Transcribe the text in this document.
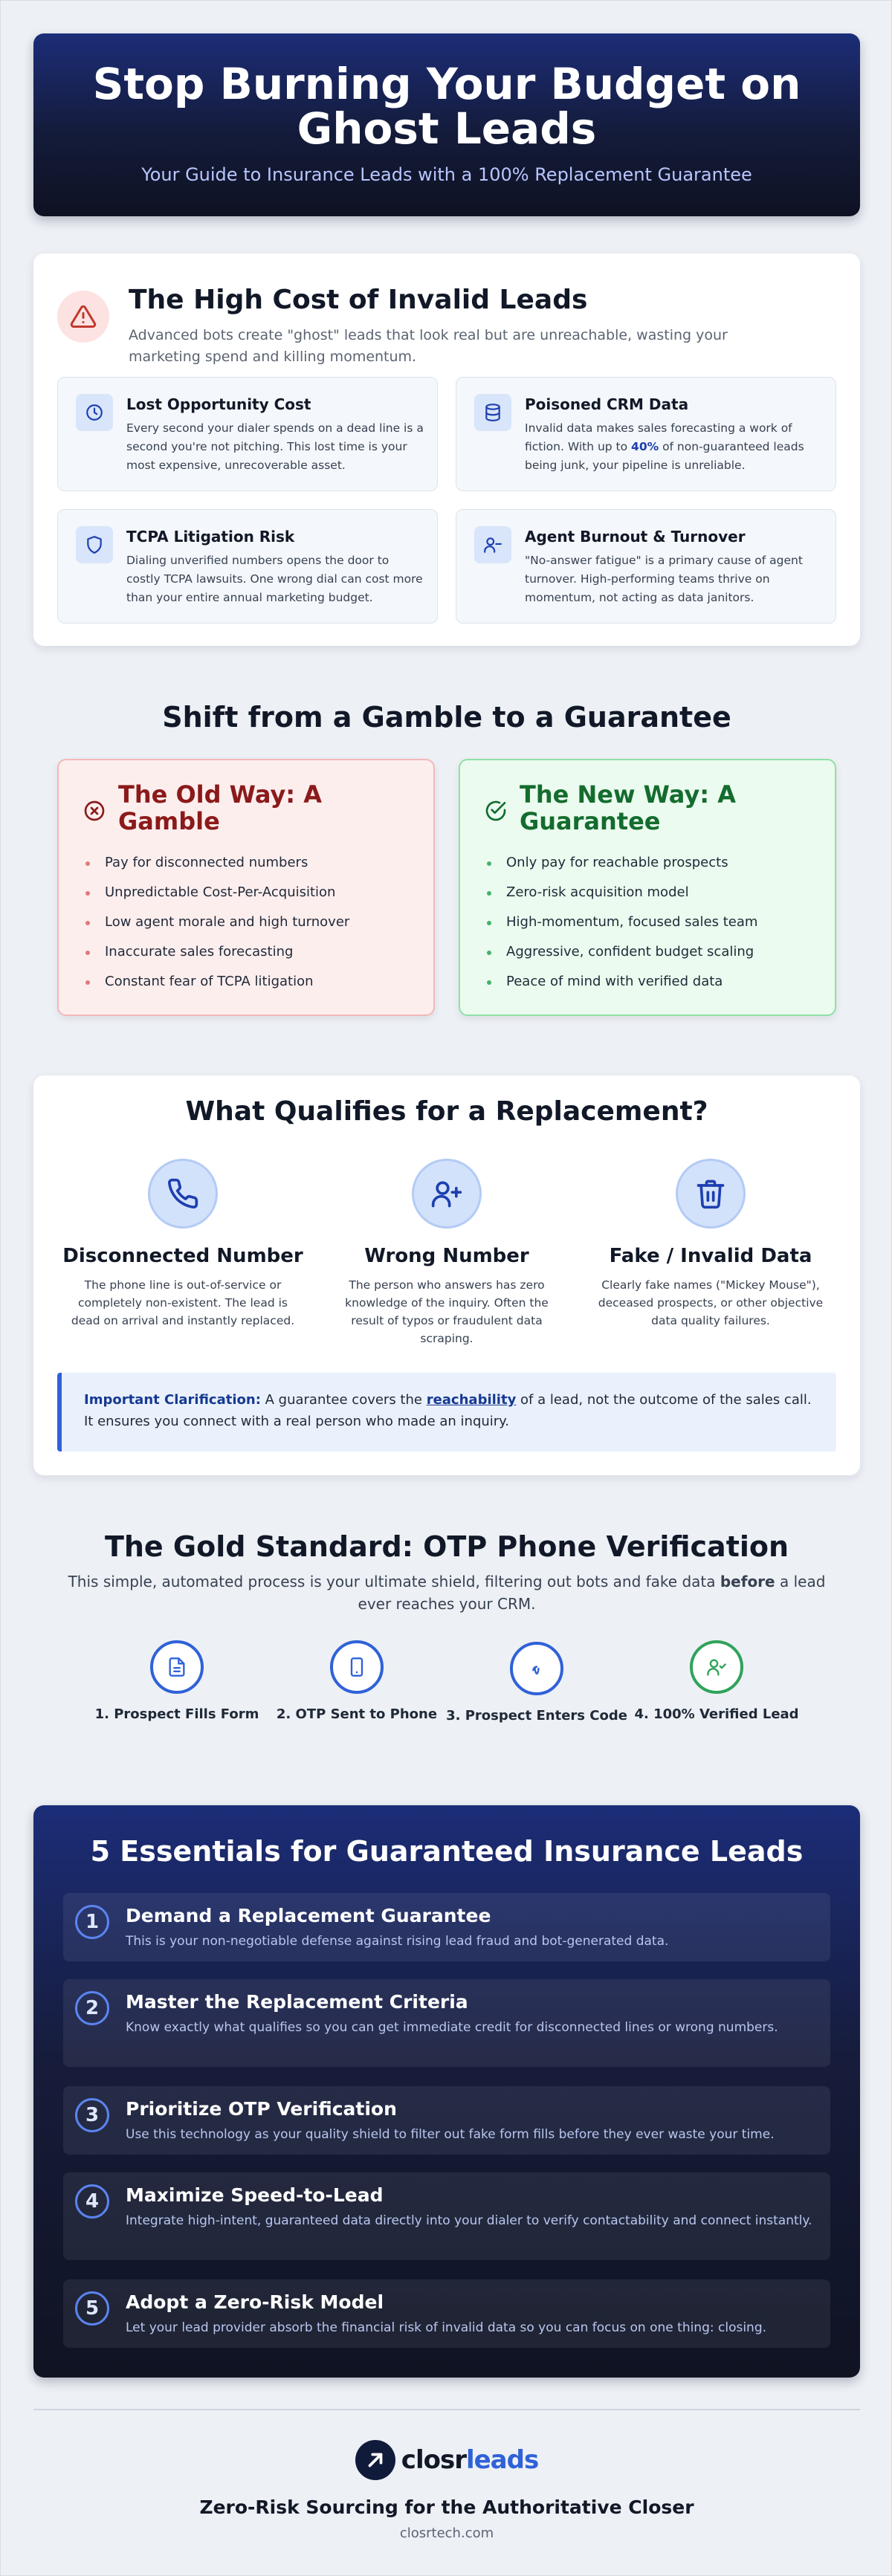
Stop Burning Your Budget on Ghost Leads

Your Guide to Insurance Leads with a 100% Replacement Guarantee

The High Cost of Invalid Leads

Advanced bots create "ghost" leads that look real but are unreachable, wasting your marketing spend and killing momentum.

Lost Opportunity Cost

Every second your dialer spends on a dead line is a second you're not pitching. This lost time is your most expensive, unrecoverable asset.

Poisoned CRM Data

Invalid data makes sales forecasting a work of fiction. With up to 40% of non-guaranteed leads being junk, your pipeline is unreliable.

TCPA Litigation Risk

Dialing unverified numbers opens the door to costly TCPA lawsuits. One wrong dial can cost more than your entire annual marketing budget.

Agent Burnout & Turnover

"No-answer fatigue" is a primary cause of agent turnover. High-performing teams thrive on momentum, not acting as data janitors.

Shift from a Gamble to a Guarantee
The Old Way: A Gamble
Pay for disconnected numbers
Unpredictable Cost-Per-Acquisition
Low agent morale and high turnover
Inaccurate sales forecasting
Constant fear of TCPA litigation
The New Way: A Guarantee
Only pay for reachable prospects
Zero-risk acquisition model
High-momentum, focused sales team
Aggressive, confident budget scaling
Peace of mind with verified data
What Qualifies for a Replacement?
Disconnected Number

The phone line is out-of-service or completely non-existent. The lead is dead on arrival and instantly replaced.

Wrong Number

The person who answers has zero knowledge of the inquiry. Often the result of typos or fraudulent data scraping.

Fake / Invalid Data

Clearly fake names ("Mickey Mouse"), deceased prospects, or other objective data quality failures.

Important Clarification: A guarantee covers the reachability of a lead, not the outcome of the sales call. It ensures you connect with a real person who made an inquiry.
The Gold Standard: OTP Phone Verification
This simple, automated process is your ultimate shield, filtering out bots and fake data before a lead ever reaches your CRM.

1. Prospect Fills Form	2. OTP Sent to Phone 3. Prospect Enters Code 4. 100% Verified Lead

5 Essentials for Guaranteed Insurance Leads
1	Demand a Replacement Guarantee

This is your non-negotiable defense against rising lead fraud and bot-generated data.

2	Master the Replacement Criteria

Know exactly what qualifies so you can get immediate credit for disconnected lines or wrong numbers.

3	Prioritize OTP Verification

Use this technology as your quality shield to filter out fake form fills before they ever waste your time.

4	Maximize Speed-to-Lead

Integrate high-intent, guaranteed data directly into your dialer to verify contactability and connect instantly.

5	Adopt a Zero-Risk Model

Let your lead provider absorb the financial risk of invalid data so you can focus on one thing: closing.

closrleads
Zero-Risk Sourcing for the Authoritative Closer
closrtech.com
